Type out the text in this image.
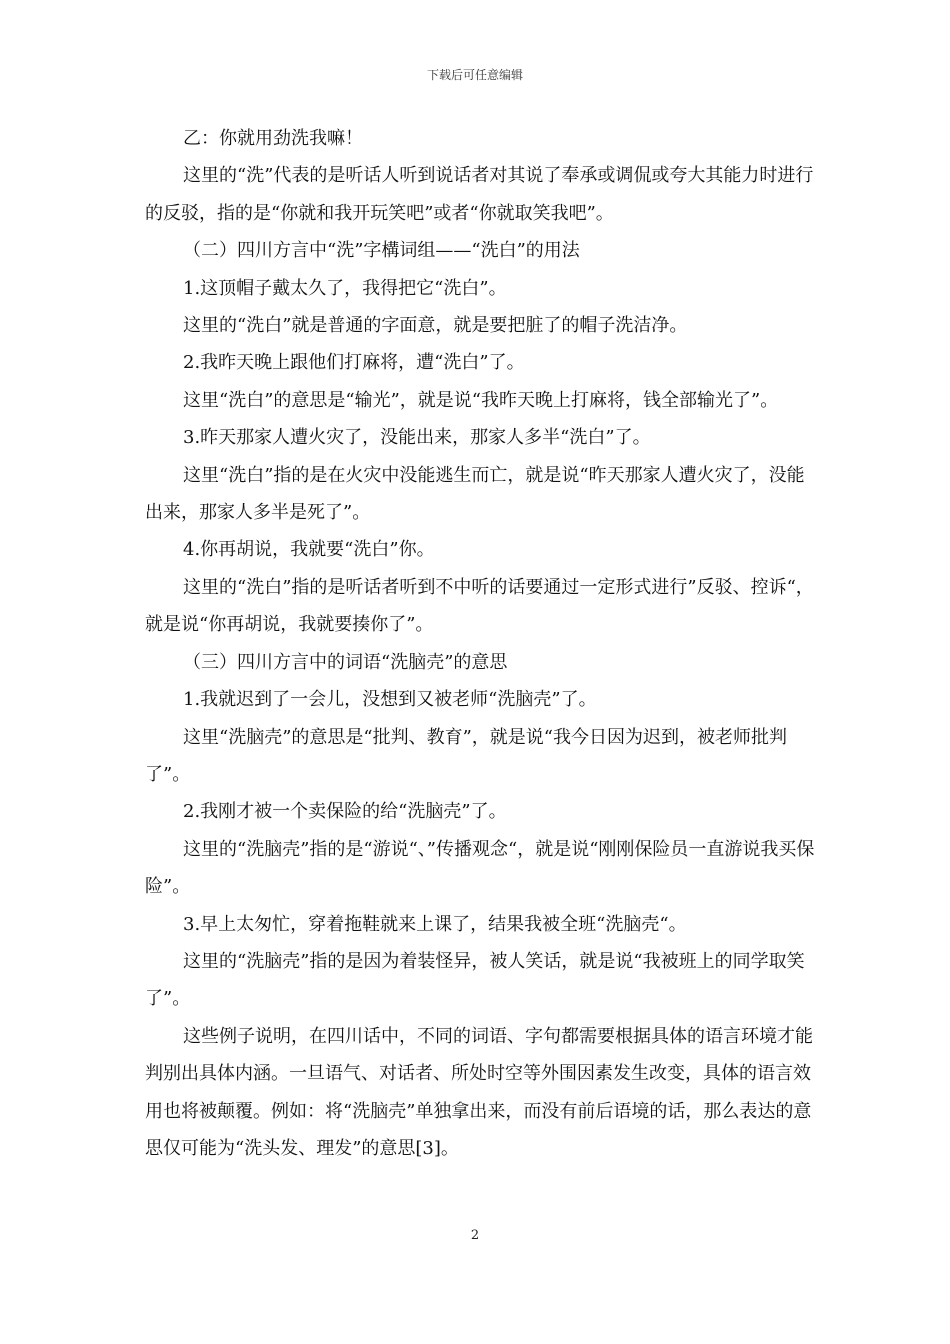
下载后可任意编辑

乙：你就用劲洗我嘛！

这里的“洗”代表的是听话人听到说话者对其说了奉承或调侃或夸大其能力时进行的反驳，指的是“你就和我开玩笑吧”或者“你就取笑我吧”。

（二）四川方言中“洗”字構词组——“洗白”的用法

1.这顶帽子戴太久了，我得把它“洗白”。

这里的“洗白”就是普通的字面意，就是要把脏了的帽子洗洁净。

2.我昨天晚上跟他们打麻将，遭“洗白”了。

这里“洗白”的意思是“输光”，就是说“我昨天晚上打麻将，钱全部输光了”。

3.昨天那家人遭火灾了，没能出来，那家人多半“洗白”了。

这里“洗白”指的是在火灾中没能逃生而亡，就是说“昨天那家人遭火灾了，没能出来，那家人多半是死了”。

4.你再胡说，我就要“洗白”你。

这里的“洗白”指的是听话者听到不中听的话要通过一定形式进行”反驳、控诉“，就是说“你再胡说，我就要揍你了”。

（三）四川方言中的词语“洗脑壳”的意思

1.我就迟到了一会儿，没想到又被老师“洗脑壳”了。

这里“洗脑壳”的意思是“批判、教育”，就是说“我今日因为迟到，被老师批判了”。

2.我刚才被一个卖保险的给“洗脑壳”了。

这里的“洗脑壳”指的是“游说“、”传播观念“，就是说“刚刚保险员一直游说我买保险”。

3.早上太匆忙，穿着拖鞋就来上课了，结果我被全班“洗脑壳“。

这里的“洗脑壳”指的是因为着装怪异，被人笑话，就是说“我被班上的同学取笑了”。

这些例子说明，在四川话中，不同的词语、字句都需要根据具体的语言环境才能判别出具体内涵。一旦语气、对话者、所处时空等外围因素发生改变，具体的语言效用也将被颠覆。例如：将“洗脑壳”单独拿出来，而没有前后语境的话，那么表达的意思仅可能为“洗头发、理发”的意思[3]。

2
